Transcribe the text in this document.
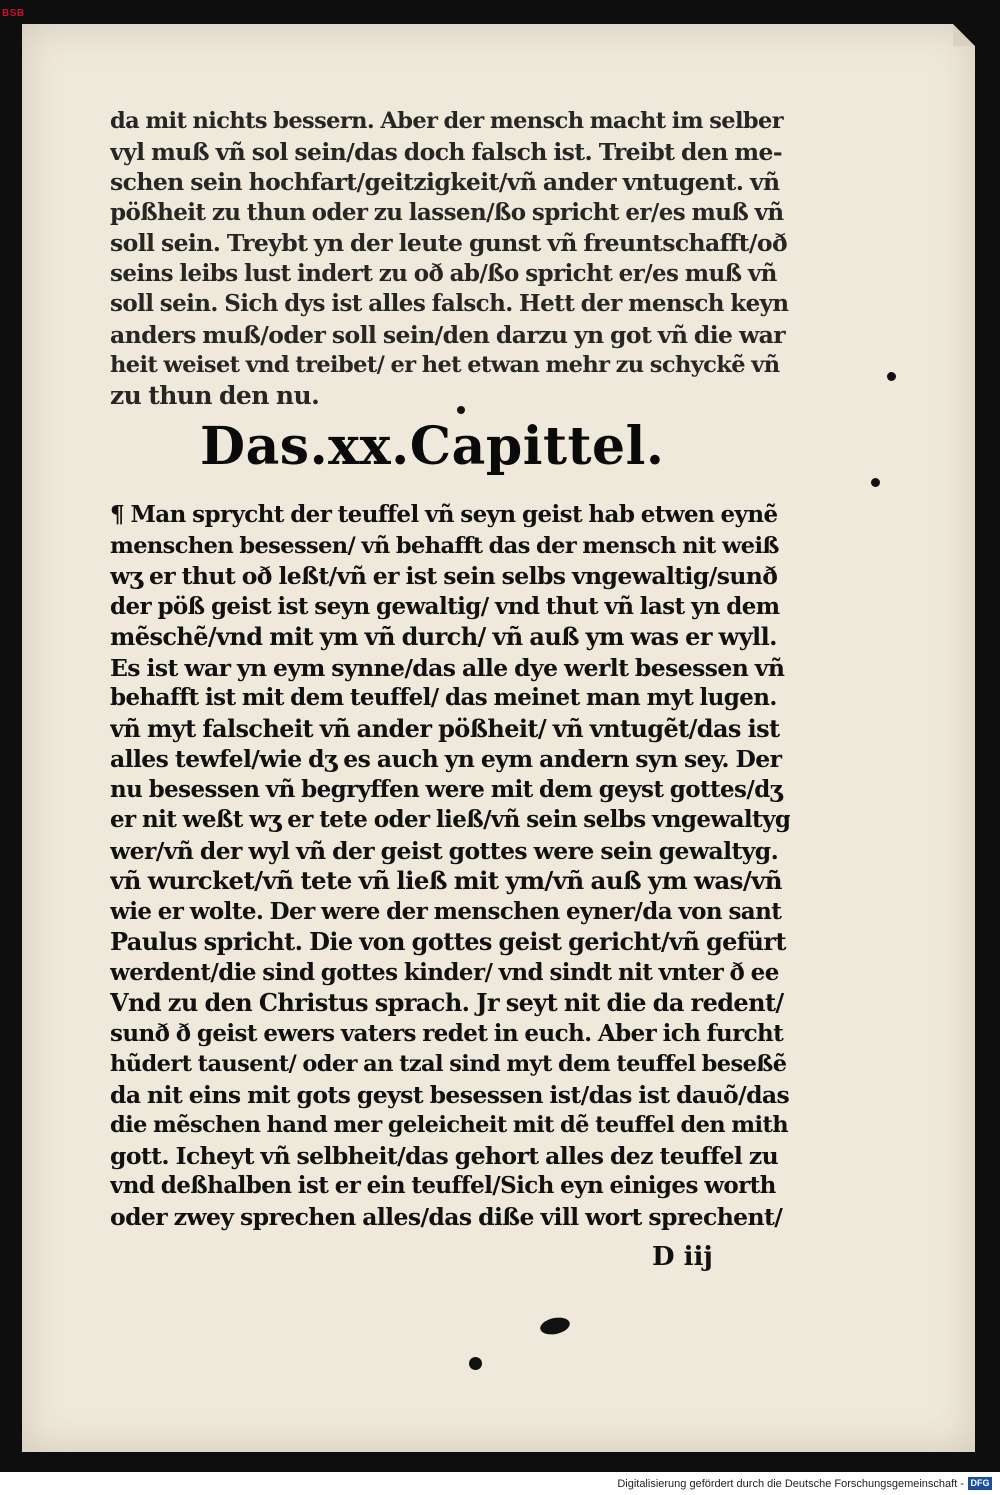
BSB
da mit nichts bessern. Aber der mensch macht im selber
vyl muß vñ sol sein/das doch falsch ist. Treibt den me-
schen sein hochfart/geitzigkeit/vñ ander vntugent. vñ
pößheit zu thun oder zu lassen/ßo spricht er/es muß vñ
soll sein. Treybt yn der leute gunst vñ freuntschafft/oð
seins leibs lust indert zu oð ab/ßo spricht er/es muß vñ
soll sein. Sich dys ist alles falsch. Hett der mensch keyn
anders muß/oder soll sein/den darzu yn got vñ die war
heit weiset vnd treibet/ er het etwan mehr zu schyckẽ vñ
zu thun den nu.
Das.xx.Capittel.
¶ Man sprycht der teuffel vñ seyn geist hab etwen eynẽ
menschen besessen/ vñ behafft das der mensch nit weiß
wʒ er thut oð leßt/vñ er ist sein selbs vngewaltig/sunð
der pöß geist ist seyn gewaltig/ vnd thut vñ last yn dem
mẽschẽ/vnd mit ym vñ durch/ vñ auß ym was er wyll.
Es ist war yn eym synne/das alle dye werlt besessen vñ
behafft ist mit dem teuffel/ das meinet man myt lugen.
vñ myt falscheit vñ ander pößheit/ vñ vntugẽt/das ist
alles tewfel/wie dʒ es auch yn eym andern syn sey. Der
nu besessen vñ begryffen were mit dem geyst gottes/dʒ
er nit weßt wʒ er tete oder ließ/vñ sein selbs vngewaltyg
wer/vñ der wyl vñ der geist gottes were sein gewaltyg.
vñ wurcket/vñ tete vñ ließ mit ym/vñ auß ym was/vñ
wie er wolte. Der were der menschen eyner/da von sant
Paulus spricht. Die von gottes geist gericht/vñ gefürt
werdent/die sind gottes kinder/ vnd sindt nit vnter ð ee
Vnd zu den Christus sprach. Jr seyt nit die da redent/
sunð ð geist ewers vaters redet in euch. Aber ich furcht
hũdert tausent/ oder an tzal sind myt dem teuffel beseßẽ
da nit eins mit gots geyst besessen ist/das ist dauõ/das
die mẽschen hand mer geleicheit mit dẽ teuffel den mith
gott. Icheyt vñ selbheit/das gehort alles dez teuffel zu
vnd deßhalben ist er ein teuffel/Sich eyn einiges worth
oder zwey sprechen alles/das diße vill wort sprechent/
D iij
Digitalisierung gefördert durch die Deutsche Forschungsgemeinschaft - DFG
